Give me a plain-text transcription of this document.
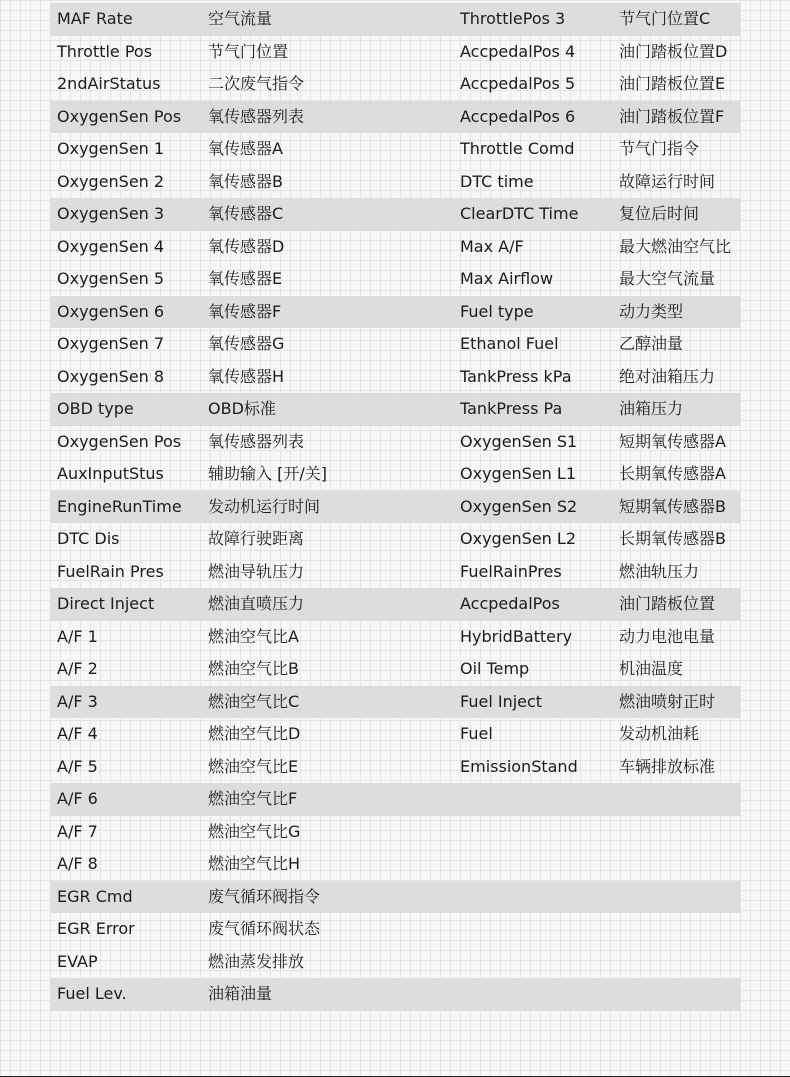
MAF Rate	空气流量	ThrottlePos 3	节气门位置C
Throttle Pos	节气门位置	AccpedalPos 4	油门踏板位置D
2ndAirStatus	二次废气指令	AccpedalPos 5	油门踏板位置E
OxygenSen Pos	氧传感器列表	AccpedalPos 6	油门踏板位置F
OxygenSen 1	氧传感器A	Throttle Comd	节气门指令
OxygenSen 2	氧传感器B	DTC time	故障运行时间
OxygenSen 3	氧传感器C	ClearDTC Time	复位后时间
OxygenSen 4	氧传感器D	Max A/F	最大燃油空气比
OxygenSen 5	氧传感器E	Max Airflow	最大空气流量
OxygenSen 6	氧传感器F	Fuel type	动力类型
OxygenSen 7	氧传感器G	Ethanol Fuel	乙醇油量
OxygenSen 8	氧传感器H	TankPress kPa	绝对油箱压力
OBD type	OBD标准	TankPress Pa	油箱压力
OxygenSen Pos	氧传感器列表	OxygenSen S1	短期氧传感器A
AuxInputStus	辅助输入 [开/关]	OxygenSen L1	长期氧传感器A
EngineRunTime	发动机运行时间	OxygenSen S2	短期氧传感器B
DTC Dis	故障行驶距离	OxygenSen L2	长期氧传感器B
FuelRain Pres	燃油导轨压力	FuelRainPres	燃油轨压力
Direct Inject	燃油直喷压力	AccpedalPos	油门踏板位置
A/F 1	燃油空气比A	HybridBattery	动力电池电量
A/F 2	燃油空气比B	Oil Temp	机油温度
A/F 3	燃油空气比C	Fuel Inject	燃油喷射正时
A/F 4	燃油空气比D	Fuel	发动机油耗
A/F 5	燃油空气比E	EmissionStand	车辆排放标准
A/F 6	燃油空气比F
A/F 7	燃油空气比G
A/F 8	燃油空气比H
EGR Cmd	废气循环阀指令
EGR Error	废气循环阀状态
EVAP	燃油蒸发排放
Fuel Lev.	油箱油量
